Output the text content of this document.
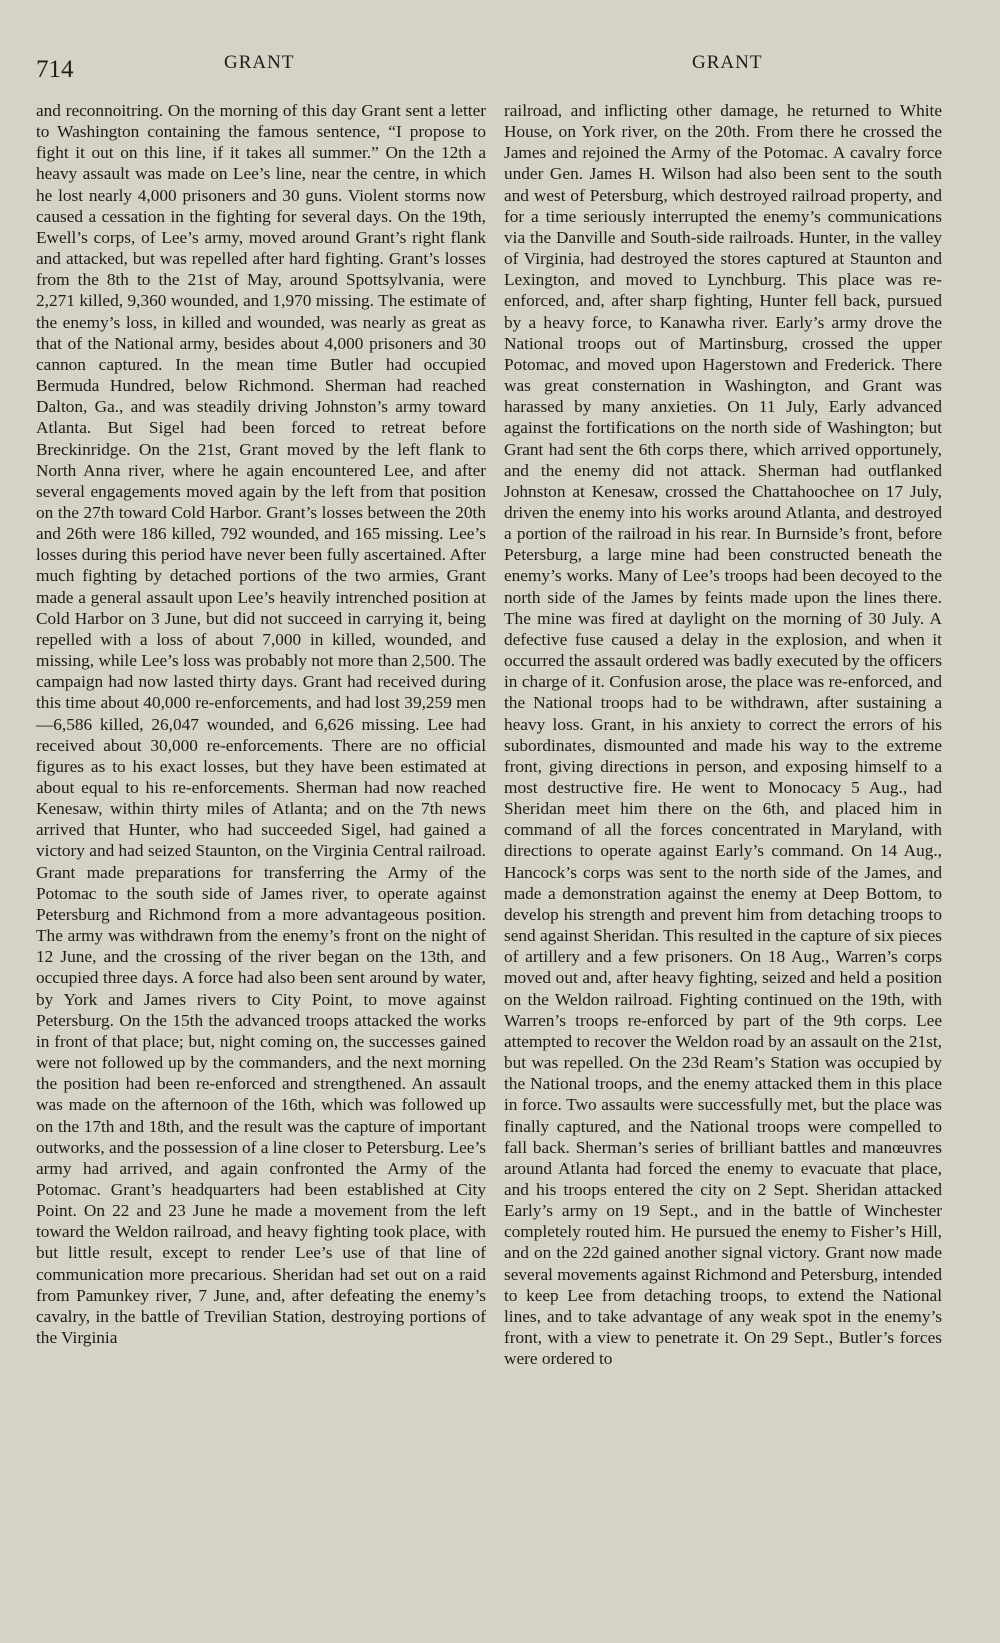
714	GRANT	GRANT
and reconnoitring. On the morning of this day Grant sent a letter to Washington containing the famous sentence, “I propose to fight it out on this line, if it takes all summer.” On the 12th a heavy assault was made on Lee’s line, near the centre, in which he lost nearly 4,000 prisoners and 30 guns. Violent storms now caused a cessation in the fighting for several days. On the 19th, Ewell’s corps, of Lee’s army, moved around Grant’s right flank and attacked, but was repelled after hard fighting. Grant’s losses from the 8th to the 21st of May, around Spottsylvania, were 2,271 killed, 9,360 wounded, and 1,970 missing. The estimate of the enemy’s loss, in killed and wounded, was nearly as great as that of the National army, besides about 4,000 prisoners and 30 cannon captured. In the mean time Butler had occupied Bermuda Hundred, below Richmond. Sherman had reached Dalton, Ga., and was steadily driving Johnston’s army toward Atlanta. But Sigel had been forced to retreat before Breckinridge. On the 21st, Grant moved by the left flank to North Anna river, where he again encountered Lee, and after several engagements moved again by the left from that position on the 27th toward Cold Harbor. Grant’s losses between the 20th and 26th were 186 killed, 792 wounded, and 165 missing. Lee’s losses during this period have never been fully ascertained. After much fighting by detached portions of the two armies, Grant made a general assault upon Lee’s heavily intrenched position at Cold Harbor on 3 June, but did not succeed in carrying it, being repelled with a loss of about 7,000 in killed, wounded, and missing, while Lee’s loss was probably not more than 2,500. The campaign had now lasted thirty days. Grant had received during this time about 40,000 re-enforcements, and had lost 39,259 men—6,586 killed, 26,047 wounded, and 6,626 missing. Lee had received about 30,000 re-enforcements. There are no official figures as to his exact losses, but they have been estimated at about equal to his re-enforcements. Sherman had now reached Kenesaw, within thirty miles of Atlanta; and on the 7th news arrived that Hunter, who had succeeded Sigel, had gained a victory and had seized Staunton, on the Virginia Central railroad. Grant made preparations for transferring the Army of the Potomac to the south side of James river, to operate against Petersburg and Richmond from a more advantageous position. The army was withdrawn from the enemy’s front on the night of 12 June, and the crossing of the river began on the 13th, and occupied three days. A force had also been sent around by water, by York and James rivers to City Point, to move against Petersburg. On the 15th the advanced troops attacked the works in front of that place; but, night coming on, the successes gained were not followed up by the commanders, and the next morning the position had been re-enforced and strengthened. An assault was made on the afternoon of the 16th, which was followed up on the 17th and 18th, and the result was the capture of important outworks, and the possession of a line closer to Petersburg. Lee’s army had arrived, and again confronted the Army of the Potomac. Grant’s headquarters had been established at City Point. On 22 and 23 June he made a movement from the left toward the Weldon railroad, and heavy fighting took place, with but little result, except to render Lee’s use of that line of communication more precarious. Sheridan had set out on a raid from Pamunkey river, 7 June, and, after defeating the enemy’s cavalry, in the battle of Trevilian Station, destroying portions of the Virginia
railroad, and inflicting other damage, he returned to White House, on York river, on the 20th. From there he crossed the James and rejoined the Army of the Potomac. A cavalry force under Gen. James H. Wilson had also been sent to the south and west of Petersburg, which destroyed railroad property, and for a time seriously interrupted the enemy’s communications via the Danville and South-side railroads. Hunter, in the valley of Virginia, had destroyed the stores captured at Staunton and Lexington, and moved to Lynchburg. This place was re-enforced, and, after sharp fighting, Hunter fell back, pursued by a heavy force, to Kanawha river. Early’s army drove the National troops out of Martinsburg, crossed the upper Potomac, and moved upon Hagerstown and Frederick. There was great consternation in Washington, and Grant was harassed by many anxieties. On 11 July, Early advanced against the fortifications on the north side of Washington; but Grant had sent the 6th corps there, which arrived opportunely, and the enemy did not attack. Sherman had outflanked Johnston at Kenesaw, crossed the Chattahoochee on 17 July, driven the enemy into his works around Atlanta, and destroyed a portion of the railroad in his rear. In Burnside’s front, before Petersburg, a large mine had been constructed beneath the enemy’s works. Many of Lee’s troops had been decoyed to the north side of the James by feints made upon the lines there. The mine was fired at daylight on the morning of 30 July. A defective fuse caused a delay in the explosion, and when it occurred the assault ordered was badly executed by the officers in charge of it. Confusion arose, the place was re-enforced, and the National troops had to be withdrawn, after sustaining a heavy loss. Grant, in his anxiety to correct the errors of his subordinates, dismounted and made his way to the extreme front, giving directions in person, and exposing himself to a most destructive fire. He went to Monocacy 5 Aug., had Sheridan meet him there on the 6th, and placed him in command of all the forces concentrated in Maryland, with directions to operate against Early’s command. On 14 Aug., Hancock’s corps was sent to the north side of the James, and made a demonstration against the enemy at Deep Bottom, to develop his strength and prevent him from detaching troops to send against Sheridan. This resulted in the capture of six pieces of artillery and a few prisoners. On 18 Aug., Warren’s corps moved out and, after heavy fighting, seized and held a position on the Weldon railroad. Fighting continued on the 19th, with Warren’s troops re-enforced by part of the 9th corps. Lee attempted to recover the Weldon road by an assault on the 21st, but was repelled. On the 23d Ream’s Station was occupied by the National troops, and the enemy attacked them in this place in force. Two assaults were successfully met, but the place was finally captured, and the National troops were compelled to fall back. Sherman’s series of brilliant battles and manœuvres around Atlanta had forced the enemy to evacuate that place, and his troops entered the city on 2 Sept. Sheridan attacked Early’s army on 19 Sept., and in the battle of Winchester completely routed him. He pursued the enemy to Fisher’s Hill, and on the 22d gained another signal victory. Grant now made several movements against Richmond and Petersburg, intended to keep Lee from detaching troops, to extend the National lines, and to take advantage of any weak spot in the enemy’s front, with a view to penetrate it. On 29 Sept., Butler’s forces were ordered to
